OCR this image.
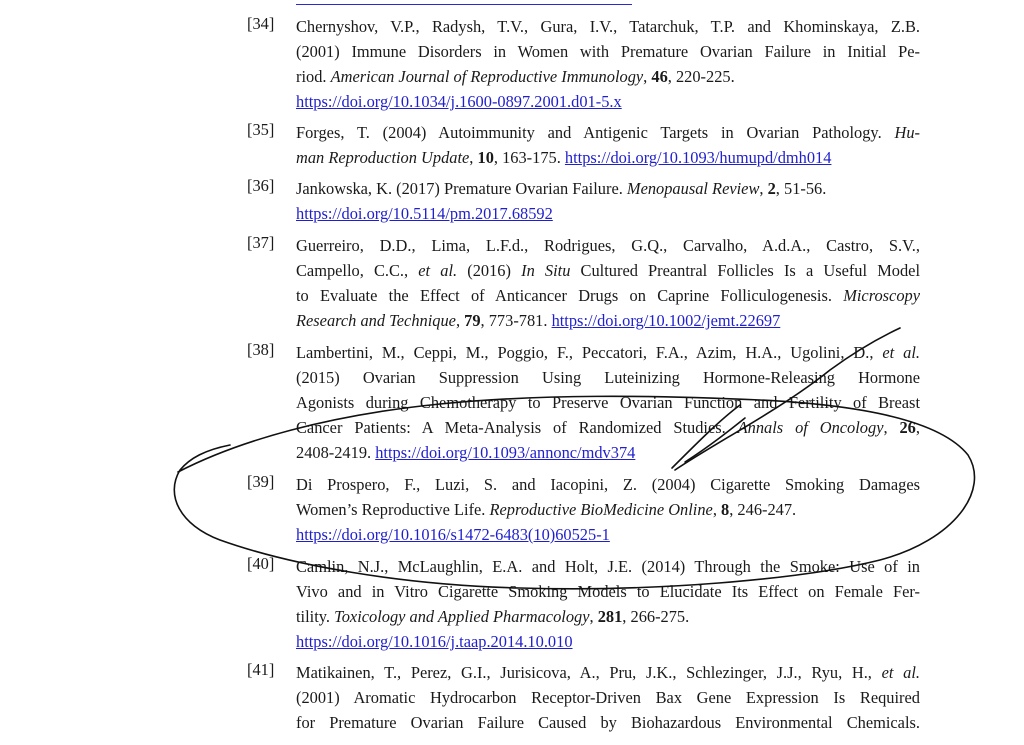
[34]	Chernyshov, V.P., Radysh, T.V., Gura, I.V., Tatarchuk, T.P. and Khominskaya, Z.B.
(2001) Immune Disorders in Women with Premature Ovarian Failure in Initial Pe-
riod. American Journal of Reproductive Immunology, 46, 220-225.
https://doi.org/10.1034/j.1600-0897.2001.d01-5.x
[35]	Forges, T. (2004) Autoimmunity and Antigenic Targets in Ovarian Pathology. Hu-
man Reproduction Update, 10, 163-175. https://doi.org/10.1093/humupd/dmh014
[36]	Jankowska, K. (2017) Premature Ovarian Failure. Menopausal Review, 2, 51-56.
https://doi.org/10.5114/pm.2017.68592
[37]	Guerreiro, D.D., Lima, L.F.d., Rodrigues, G.Q., Carvalho, A.d.A., Castro, S.V.,
Campello, C.C., et al. (2016) In Situ Cultured Preantral Follicles Is a Useful Model
to Evaluate the Effect of Anticancer Drugs on Caprine Folliculogenesis. Microscopy
Research and Technique, 79, 773-781. https://doi.org/10.1002/jemt.22697
[38]	Lambertini, M., Ceppi, M., Poggio, F., Peccatori, F.A., Azim, H.A., Ugolini, D., et al.
(2015) Ovarian Suppression Using Luteinizing Hormone-Releasing Hormone
Agonists during Chemotherapy to Preserve Ovarian Function and Fertility of Breast
Cancer Patients: A Meta-Analysis of Randomized Studies. Annals of Oncology, 26,
2408-2419. https://doi.org/10.1093/annonc/mdv374
[39]	Di Prospero, F., Luzi, S. and Iacopini, Z. (2004) Cigarette Smoking Damages
Women’s Reproductive Life. Reproductive BioMedicine Online, 8, 246-247.
https://doi.org/10.1016/s1472-6483(10)60525-1
[40]	Camlin, N.J., McLaughlin, E.A. and Holt, J.E. (2014) Through the Smoke: Use of in
Vivo and in Vitro Cigarette Smoking Models to Elucidate Its Effect on Female Fer-
tility. Toxicology and Applied Pharmacology, 281, 266-275.
https://doi.org/10.1016/j.taap.2014.10.010
[41]	Matikainen, T., Perez, G.I., Jurisicova, A., Pru, J.K., Schlezinger, J.J., Ryu, H., et al.
(2001) Aromatic Hydrocarbon Receptor-Driven Bax Gene Expression Is Required
for Premature Ovarian Failure Caused by Biohazardous Environmental Chemicals.
